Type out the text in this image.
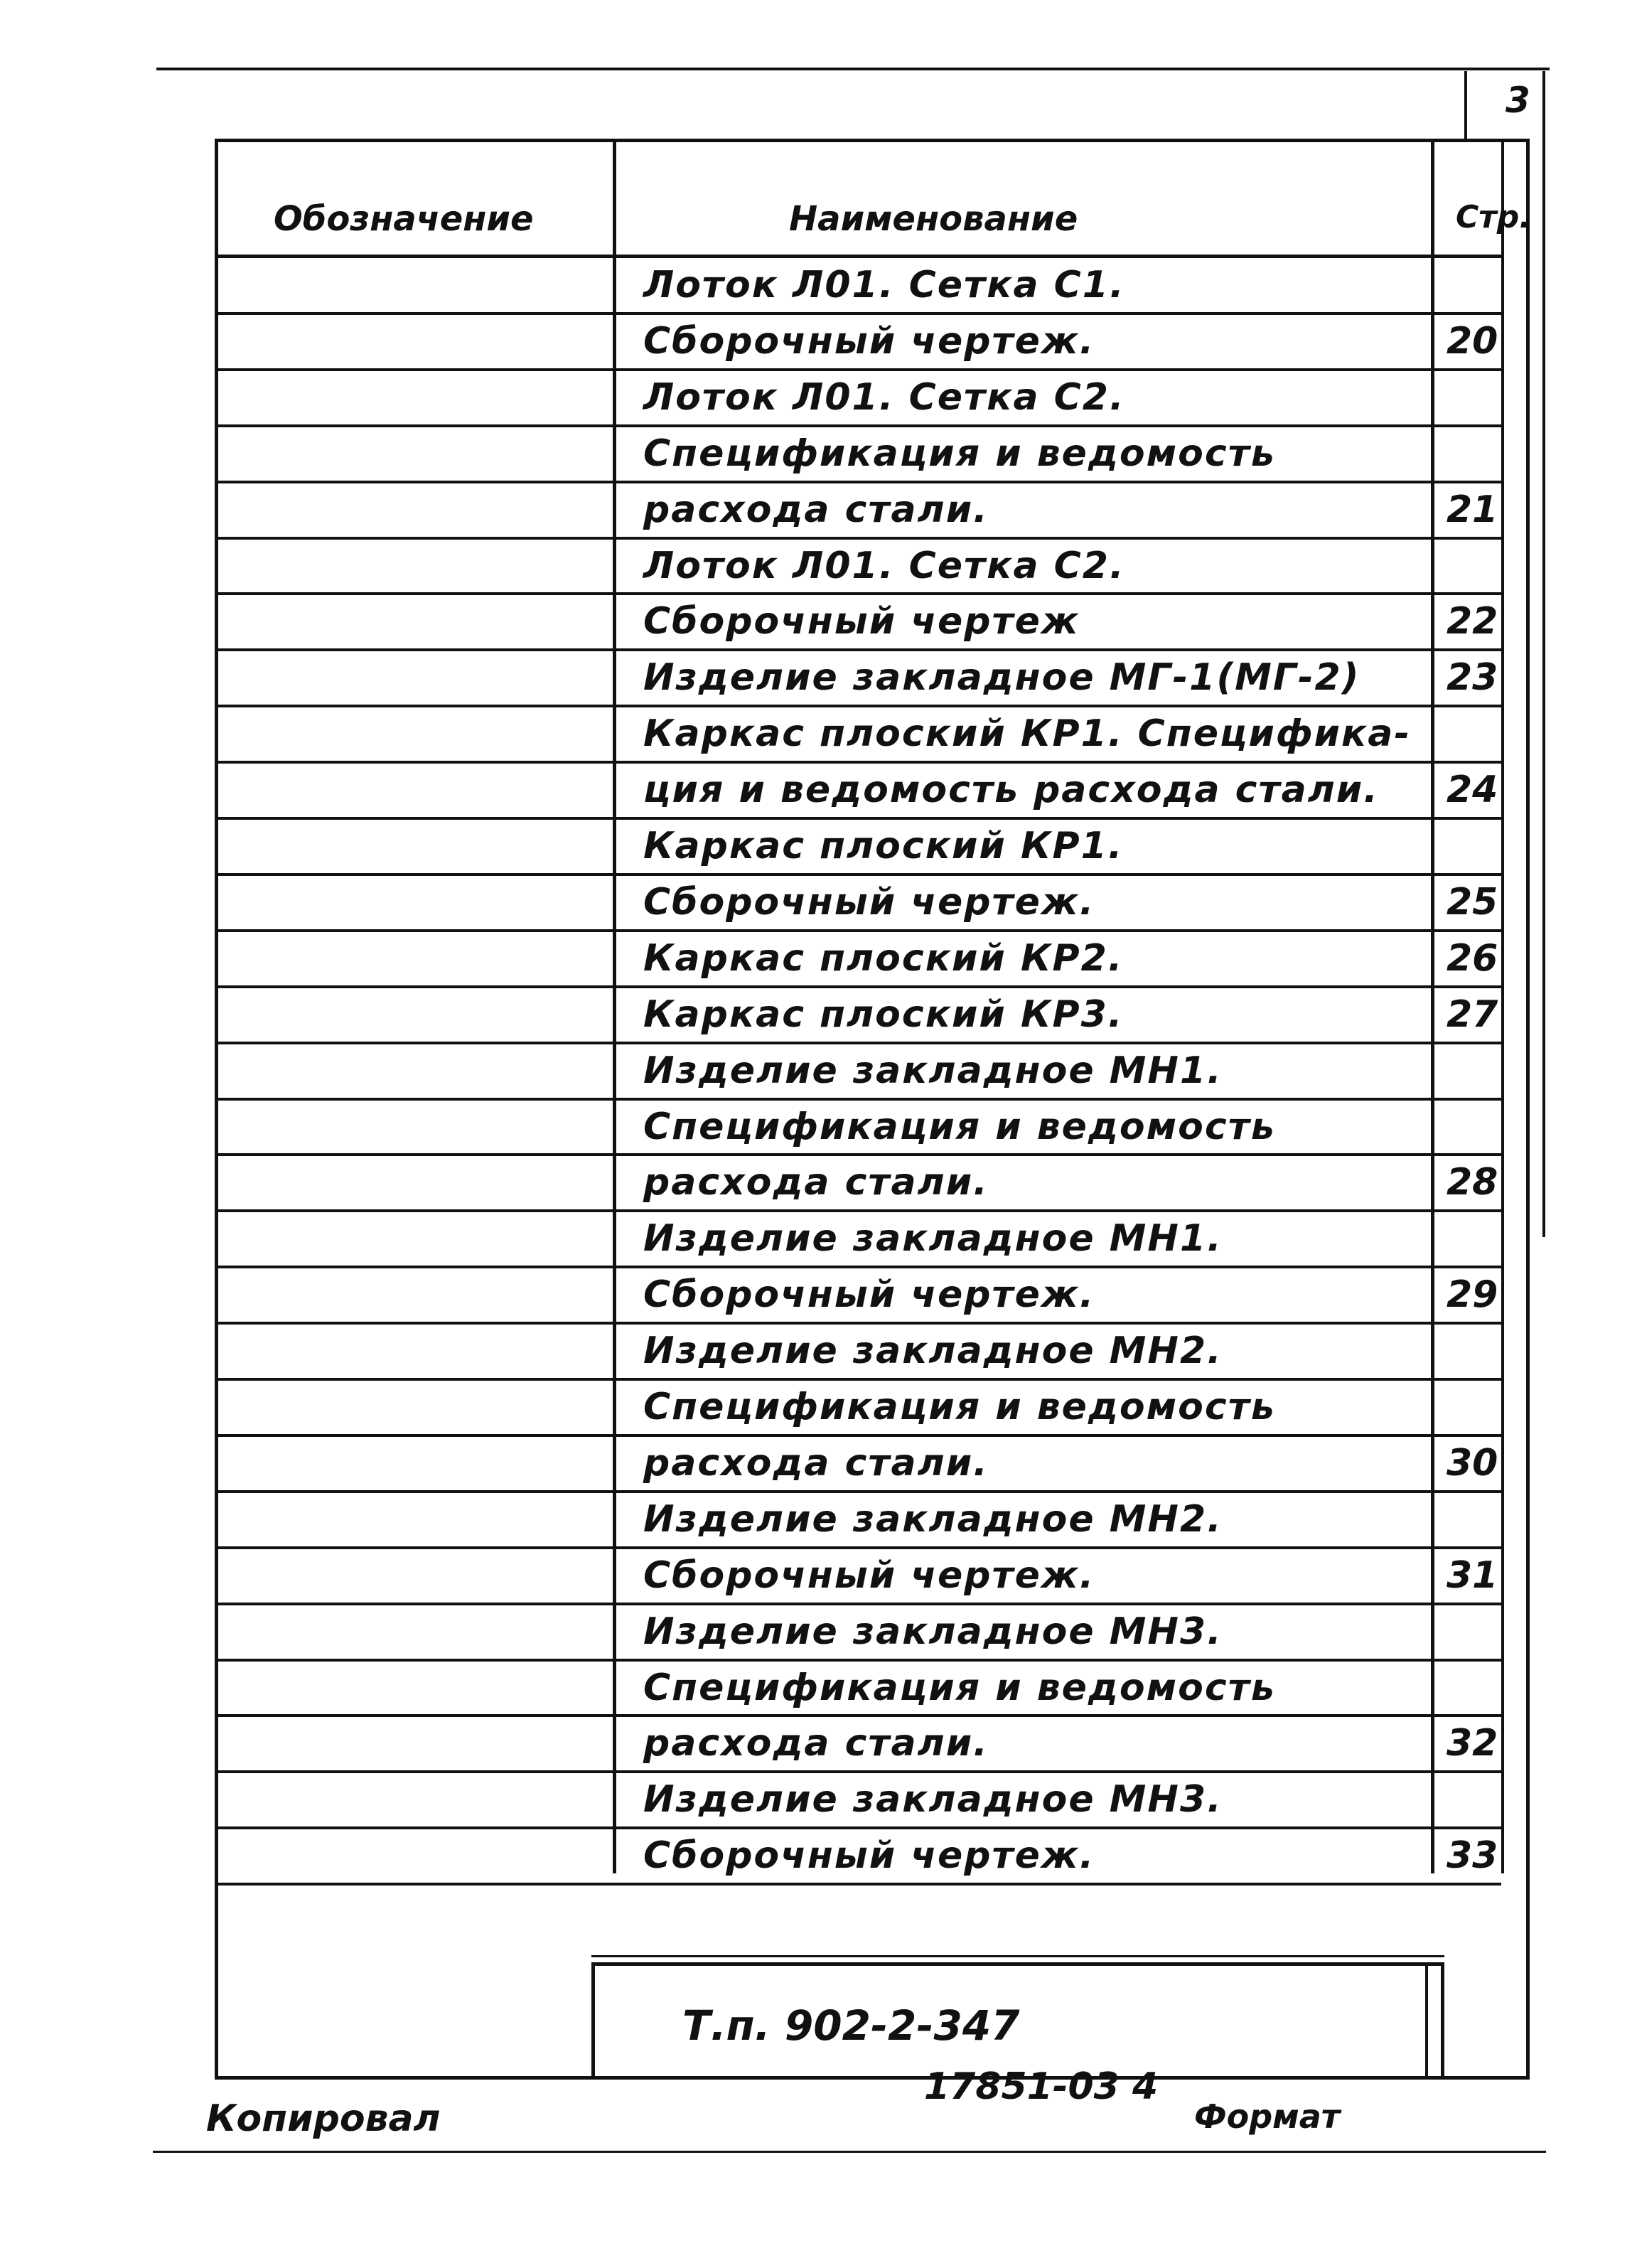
3
Обозначение	Наименование	Стр.
Лоток Л01. Сетка С1.
Сборочный чертеж.	20
Лоток Л01. Сетка С2.
Спецификация и ведомость
расхода стали.	21
Лоток Л01. Сетка С2.
Сборочный чертеж	22
Изделие закладное МГ-1(МГ-2) 23
Каркас плоский КР1. Специфика-
ция и ведомость расхода стали. 24
Каркас плоский КР1.
Сборочный чертеж.	25
Каркас плоский КР2.	26
Каркас плоский КР3.	27
Изделие закладное МН1.
Спецификация и ведомость
расхода стали.	28
Изделие закладное МН1.
Сборочный чертеж.	29
Изделие закладное МН2.
Спецификация и ведомость
расхода стали.	30
Изделие закладное МН2.
Сборочный чертеж.	31
Изделие закладное МН3.
Спецификация и ведомость
расхода стали.	32
Изделие закладное МН3.
Сборочный чертеж.	33
Т.п. 902-2-347
Копировал
17851-03 4
Формат
